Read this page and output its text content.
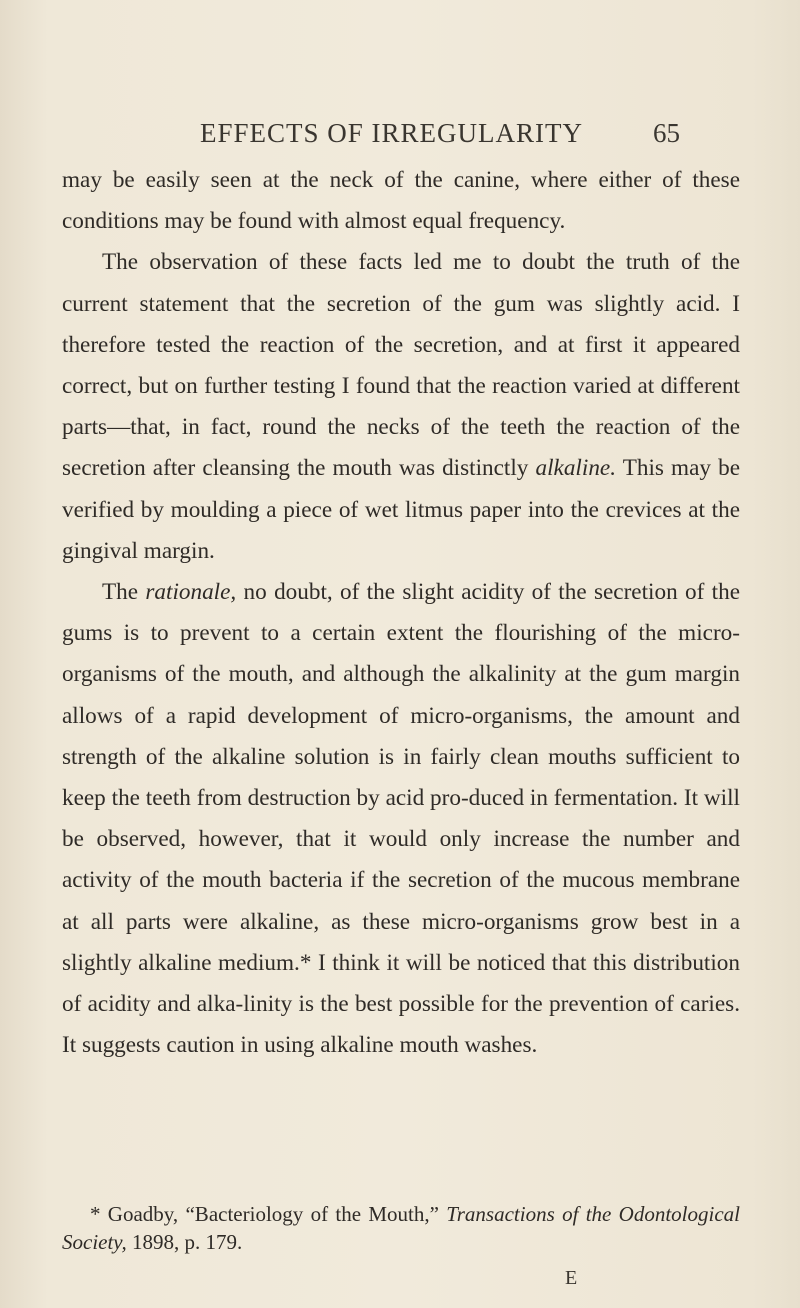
EFFECTS OF IRREGULARITY	65

may be easily seen at the neck of the canine, where either of these conditions may be found with almost equal frequency.

The observation of these facts led me to doubt the truth of the current statement that the secretion of the gum was slightly acid. I therefore tested the reaction of the secretion, and at first it appeared correct, but on further testing I found that the reaction varied at different parts—that, in fact, round the necks of the teeth the reaction of the secretion after cleansing the mouth was distinctly alkaline. This may be verified by moulding a piece of wet litmus paper into the crevices at the gingival margin.

The rationale, no doubt, of the slight acidity of the secretion of the gums is to prevent to a certain extent the flourishing of the micro-organisms of the mouth, and although the alkalinity at the gum margin allows of a rapid development of micro-organisms, the amount and strength of the alkaline solution is in fairly clean mouths sufficient to keep the teeth from destruction by acid pro-duced in fermentation. It will be observed, however, that it would only increase the number and activity of the mouth bacteria if the secretion of the mucous membrane at all parts were alkaline, as these micro-organisms grow best in a slightly alkaline medium.* I think it will be noticed that this distribution of acidity and alka-linity is the best possible for the prevention of caries. It suggests caution in using alkaline mouth washes.

* Goadby, “Bacteriology of the Mouth,” Transactions of the Odontological Society, 1898, p. 179.
E
